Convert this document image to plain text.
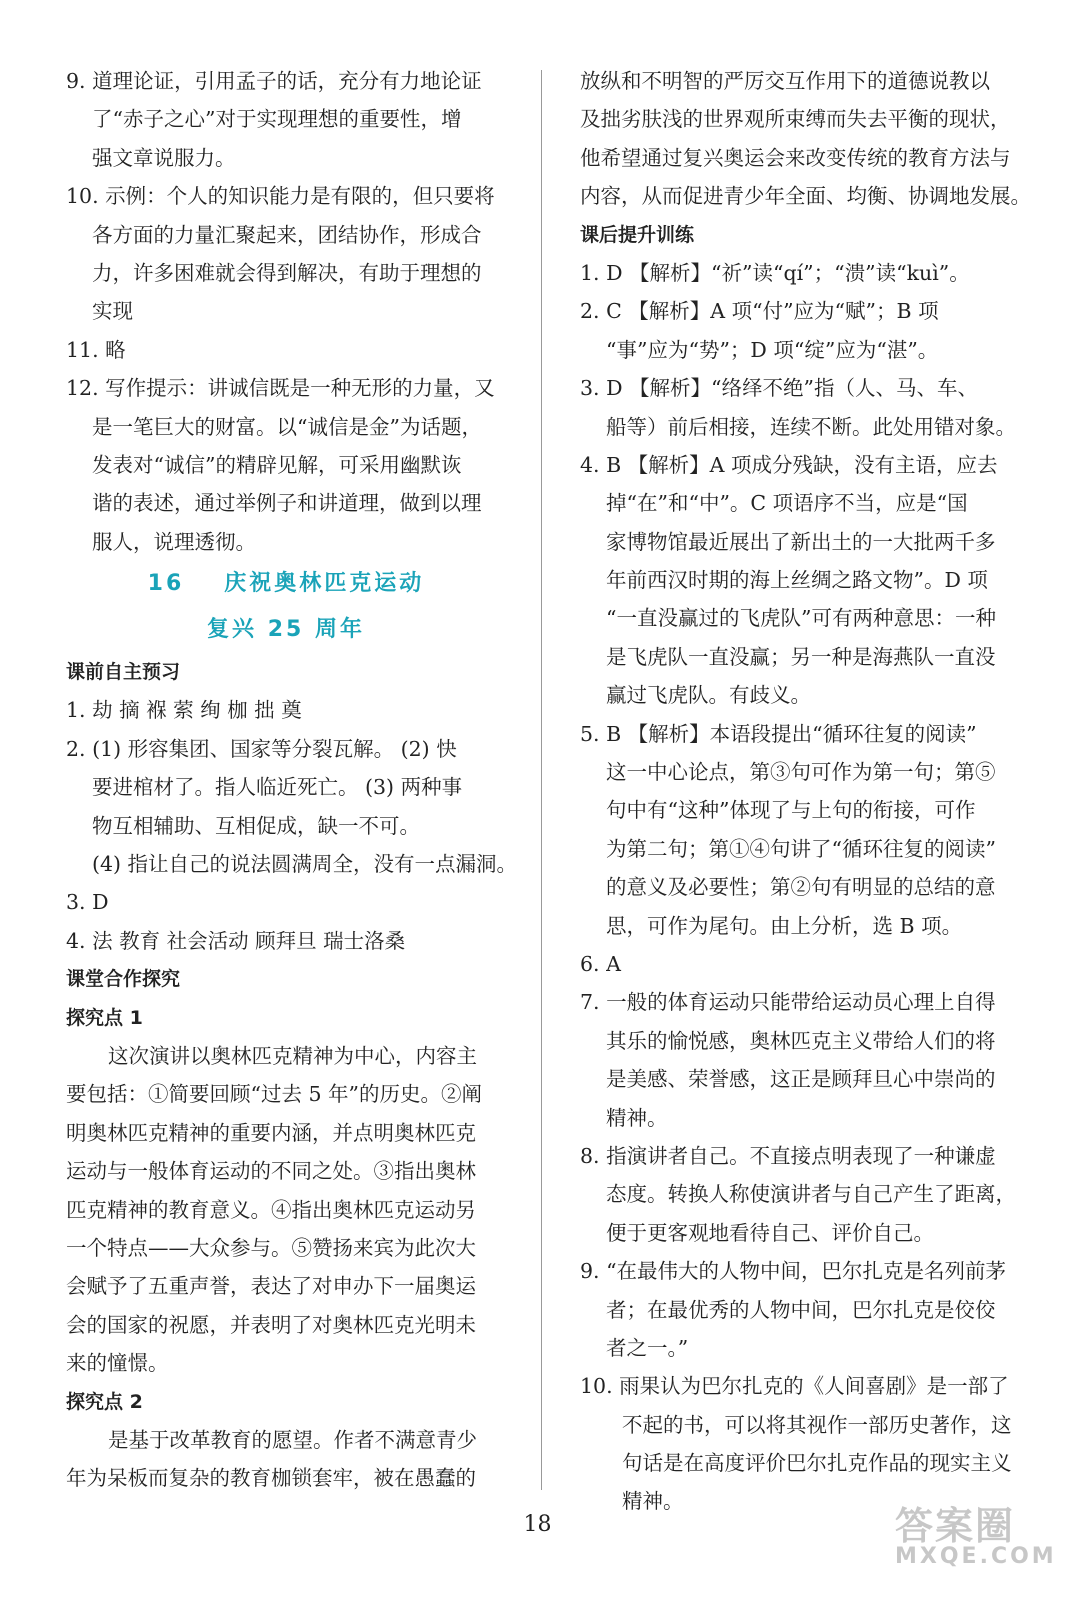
9. 道理论证，引用孟子的话，充分有力地论证
了“赤子之心”对于实现理想的重要性，增
强文章说服力。
10. 示例：个人的知识能力是有限的，但只要将
各方面的力量汇聚起来，团结协作，形成合
力，许多困难就会得到解决，有助于理想的
实现
11. 略
12. 写作提示：讲诚信既是一种无形的力量，又
是一笔巨大的财富。以“诚信是金”为话题，
发表对“诚信”的精辟见解，可采用幽默诙
谐的表述，通过举例子和讲道理，做到以理
服人，说理透彻。
16 庆祝奥林匹克运动
复兴 25 周年
课前自主预习
1. 劫 摘 褓 萦 绚 枷 拙 奠
2. (1) 形容集团、国家等分裂瓦解。 (2) 快
要进棺材了。指人临近死亡。 (3) 两种事
物互相辅助、互相促成，缺一不可。
(4) 指让自己的说法圆满周全，没有一点漏洞。
3. D
4. 法 教育 社会活动 顾拜旦 瑞士洛桑
课堂合作探究
探究点 1
这次演讲以奥林匹克精神为中心，内容主
要包括：①简要回顾“过去 5 年”的历史。②阐
明奥林匹克精神的重要内涵，并点明奥林匹克
运动与一般体育运动的不同之处。③指出奥林
匹克精神的教育意义。④指出奥林匹克运动另
一个特点——大众参与。⑤赞扬来宾为此次大
会赋予了五重声誉，表达了对申办下一届奥运
会的国家的祝愿，并表明了对奥林匹克光明未
来的憧憬。
探究点 2
是基于改革教育的愿望。作者不满意青少
年为呆板而复杂的教育枷锁套牢，被在愚蠢的
放纵和不明智的严厉交互作用下的道德说教以
及拙劣肤浅的世界观所束缚而失去平衡的现状，
他希望通过复兴奥运会来改变传统的教育方法与
内容，从而促进青少年全面、均衡、协调地发展。
课后提升训练
1. D 【解析】“祈”读“qí”；“溃”读“kuì”。
2. C 【解析】A 项“付”应为“赋”；B 项
“事”应为“势”；D 项“绽”应为“湛”。
3. D 【解析】“络绎不绝”指（人、马、车、
船等）前后相接，连续不断。此处用错对象。
4. B 【解析】A 项成分残缺，没有主语，应去
掉“在”和“中”。C 项语序不当，应是“国
家博物馆最近展出了新出土的一大批两千多
年前西汉时期的海上丝绸之路文物”。D 项
“一直没赢过的飞虎队”可有两种意思：一种
是飞虎队一直没赢；另一种是海燕队一直没
赢过飞虎队。有歧义。
5. B 【解析】本语段提出“循环往复的阅读”
这一中心论点，第③句可作为第一句；第⑤
句中有“这种”体现了与上句的衔接，可作
为第二句；第①④句讲了“循环往复的阅读”
的意义及必要性；第②句有明显的总结的意
思，可作为尾句。由上分析，选 B 项。
6. A
7. 一般的体育运动只能带给运动员心理上自得
其乐的愉悦感，奥林匹克主义带给人们的将
是美感、荣誉感，这正是顾拜旦心中崇尚的
精神。
8. 指演讲者自己。不直接点明表现了一种谦虚
态度。转换人称使演讲者与自己产生了距离，
便于更客观地看待自己、评价自己。
9. “在最伟大的人物中间，巴尔扎克是名列前茅
者；在最优秀的人物中间，巴尔扎克是佼佼
者之一。”
10. 雨果认为巴尔扎克的《人间喜剧》是一部了
不起的书，可以将其视作一部历史著作，这
句话是在高度评价巴尔扎克作品的现实主义
精神。
18	答案圈
MXQE.COM
